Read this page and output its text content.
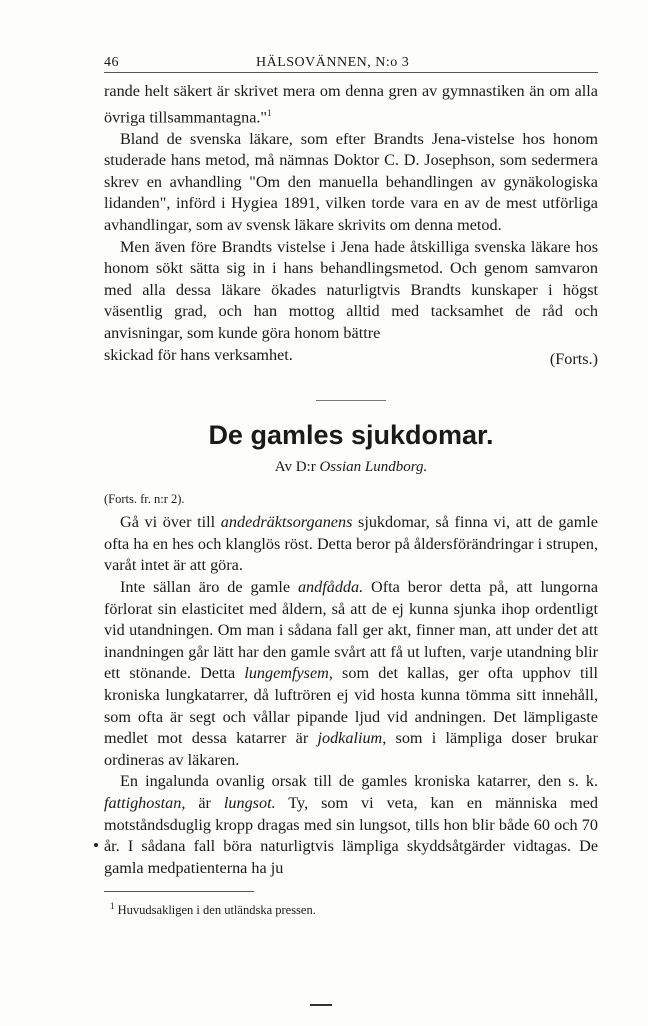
46	HÄLSOVÄNNEN, N:o 3

rande helt säkert är skrivet mera om denna gren av gymnastiken än om alla övriga tillsammantagna."$^1$

Bland de svenska läkare, som efter Brandts Jena-vistelse hos honom studerade hans metod, må nämnas Doktor C. D. Josephson, som sedermera skrev en avhandling "Om den manuella behandlingen av gynäkologiska lidanden", införd i Hygiea 1891, vilken torde vara en av de mest utförliga avhandlingar, som av svensk läkare skrivits om denna metod.

Men även före Brandts vistelse i Jena hade åtskilliga svenska läkare hos honom sökt sätta sig in i hans behandlingsmetod. Och genom samvaron med alla dessa läkare ökades naturligtvis Brandts kunskaper i högst väsentlig grad, och han mottog alltid med tacksamhet de råd och anvisningar, som kunde göra honom bättre

skickad för hans verksamhet.	(Forts.)
De gamles sjukdomar.
Av D:r Ossian Lundborg.
(Forts. fr. n:r 2).

Gå vi över till andedräktsorganens sjukdomar, så finna vi, att de gamle ofta ha en hes och klanglös röst. Detta beror på åldersförändringar i strupen, varåt intet är att göra.

Inte sällan äro de gamle andfådda. Ofta beror detta på, att lungorna förlorat sin elasticitet med åldern, så att de ej kunna sjunka ihop ordentligt vid utandningen. Om man i sådana fall ger akt, finner man, att under det att inandningen går lätt har den gamle svårt att få ut luften, varje utandning blir ett stönande. Detta lungemfysem, som det kallas, ger ofta upphov till kroniska lungkatarrer, då luftrören ej vid hosta kunna tömma sitt innehåll, som ofta är segt och vållar pipande ljud vid andningen. Det lämpligaste medlet mot dessa katarrer är jodkalium, som i lämpliga doser brukar ordineras av läkaren.

En ingalunda ovanlig orsak till de gamles kroniska katarrer, den s. k. fattighostan, är lungsot. Ty, som vi veta, kan en människa med motståndsduglig kropp dragas med sin lungsot, tills hon blir både 60 och 70 år. I sådana fall böra naturligtvis lämpliga skyddsåtgärder vidtagas. De gamla medpatienterna ha ju

$^1$ Huvudsakligen i den utländska pressen.
